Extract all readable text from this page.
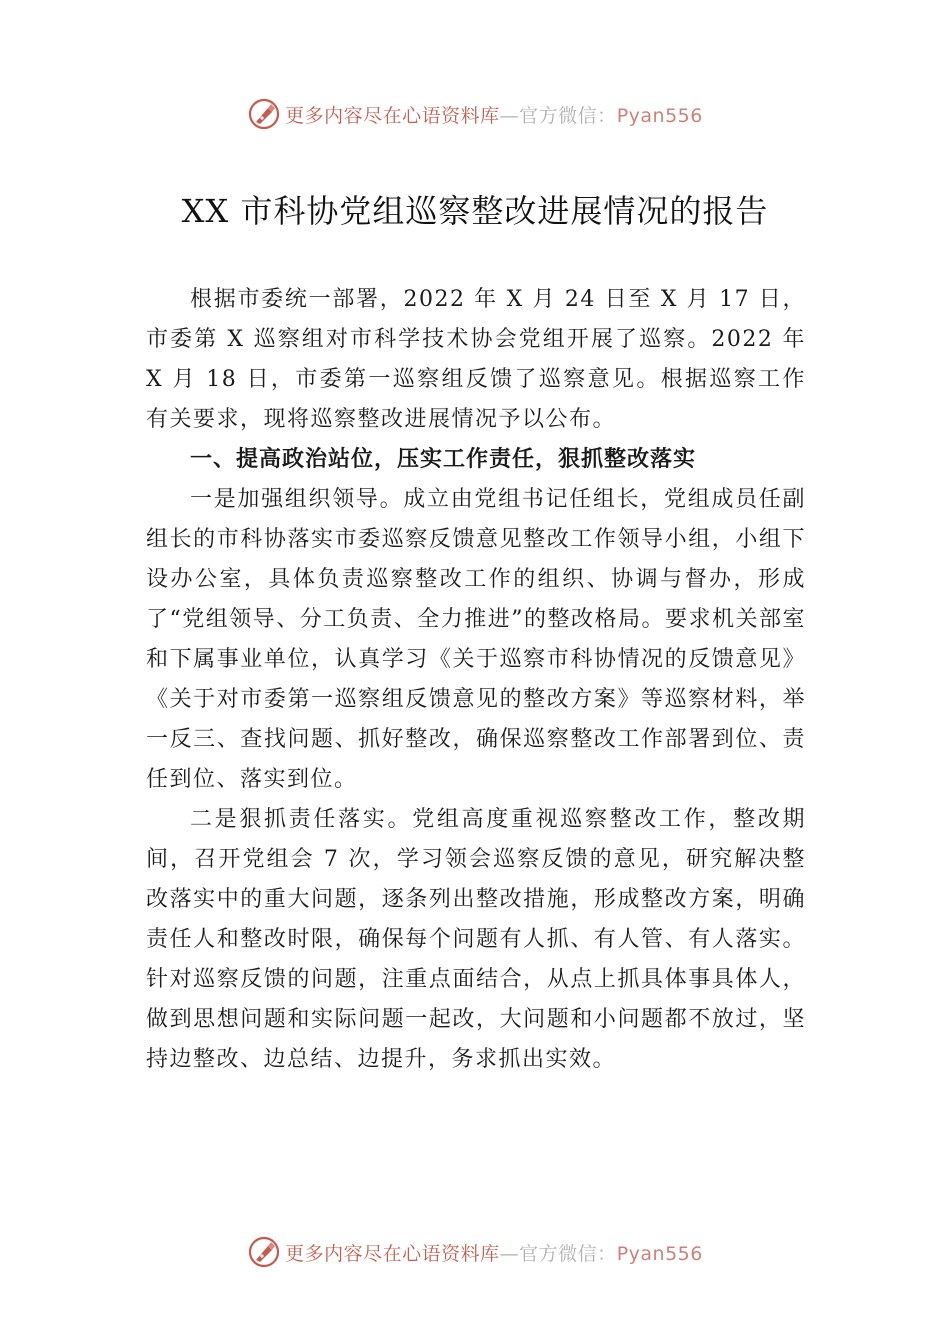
更多内容尽在心语资料库—官方微信：Pyan556
XX 市科协党组巡察整改进展情况的报告

根据市委统一部署，2022 年 X 月 24 日至 X 月 17 日，市委第 X 巡察组对市科学技术协会党组开展了巡察。2022 年 X 月 18 日，市委第一巡察组反馈了巡察意见。根据巡察工作有关要求，现将巡察整改进展情况予以公布。

一、提高政治站位，压实工作责任，狠抓整改落实

一是加强组织领导。成立由党组书记任组长，党组成员任副组长的市科协落实市委巡察反馈意见整改工作领导小组，小组下设办公室，具体负责巡察整改工作的组织、协调与督办，形成了“党组领导、分工负责、全力推进”的整改格局。要求机关部室和下属事业单位，认真学习《关于巡察市科协情况的反馈意见》《关于对市委第一巡察组反馈意见的整改方案》等巡察材料，举一反三、查找问题、抓好整改，确保巡察整改工作部署到位、责任到位、落实到位。

二是狠抓责任落实。党组高度重视巡察整改工作，整改期间，召开党组会 7 次，学习领会巡察反馈的意见，研究解决整改落实中的重大问题，逐条列出整改措施，形成整改方案，明确责任人和整改时限，确保每个问题有人抓、有人管、有人落实。针对巡察反馈的问题，注重点面结合，从点上抓具体事具体人，做到思想问题和实际问题一起改，大问题和小问题都不放过，坚持边整改、边总结、边提升，务求抓出实效。

更多内容尽在心语资料库—官方微信：Pyan556
